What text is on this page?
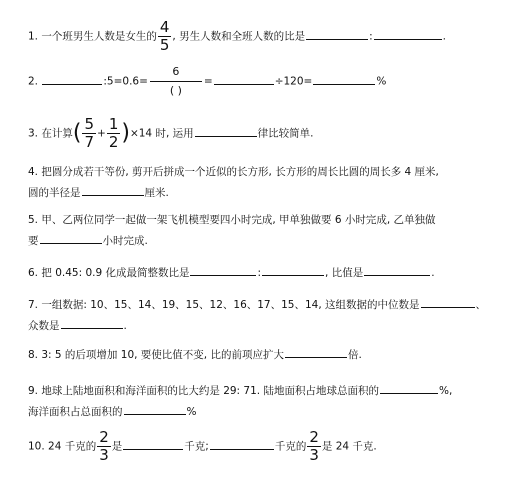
1. 一个班男生人数是女生的 $\frac{4}{5}$ , 男生人数和全班人数的比是	:	.
2.	:5=0.6= $\frac{6}{( )}$ =	÷120=	%
3. 在计算( $\frac{5}{7} + \frac{1}{2} )\times 14$ 时, 运用	律比较简单.
4. 把圆分成若干等份, 剪开后拼成一个近似的长方形, 长方形的周长比圆的周长多 4 厘米,
圆的半径是	厘米.
5. 甲、乙两位同学一起做一架飞机模型要四小时完成, 甲单独做要 6 小时完成, 乙单独做
要	小时完成.
6. 把 0.45: 0.9 化成最简整数比是	:	, 比值是	.
7. 一组数据: 10、15、14、19、15、12、16、17、15、14, 这组数据的中位数是	、
众数是	.
8. 3: 5 的后项增加 10, 要使比值不变, 比的前项应扩大	倍.
9. 地球上陆地面积和海洋面积的比大约是 29: 71. 陆地面积占地球总面积的	%,
海洋面积占总面积的	%
10. 24 千克的 $\frac{2}{3}$ 是	千克;	千克的 $\frac{2}{3}$ 是 24 千克.
